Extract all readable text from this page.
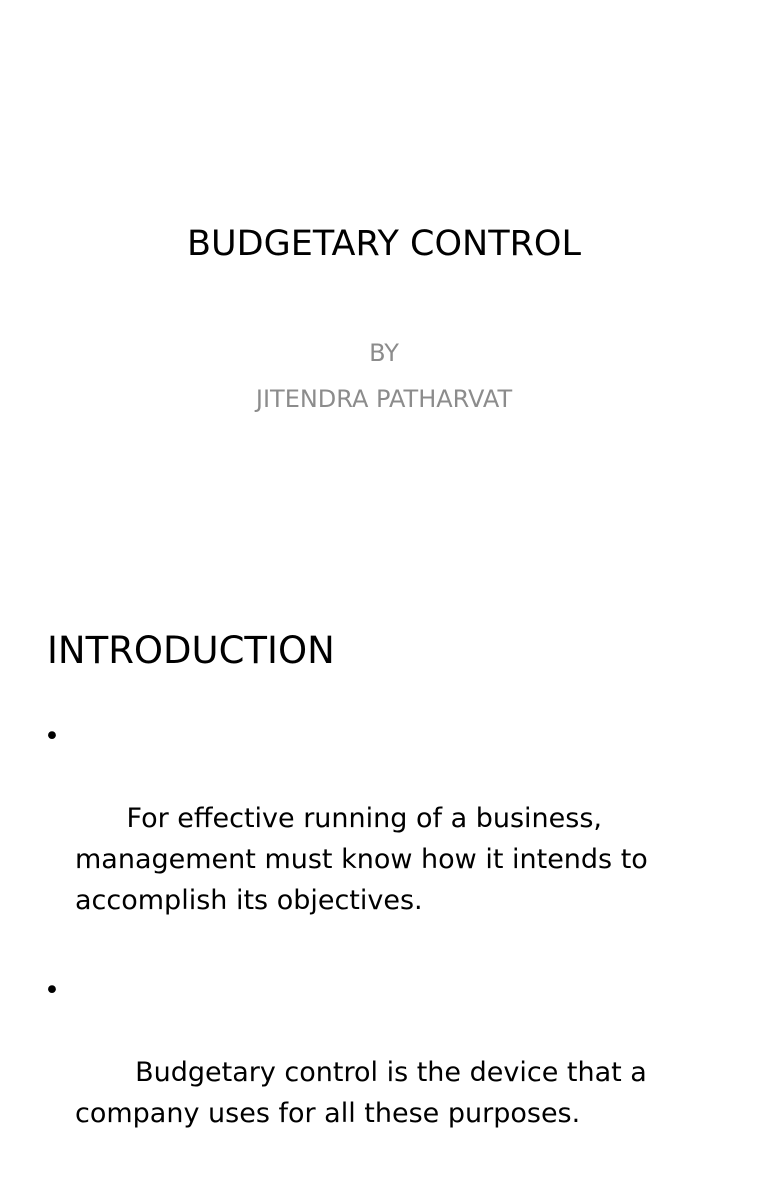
BUDGETARY CONTROL
BY
JITENDRA PATHARVAT
INTRODUCTION

•

For effective running of a business, management must know how it intends to accomplish its objectives.

•

Budgetary control is the device that a company uses for all these purposes.
